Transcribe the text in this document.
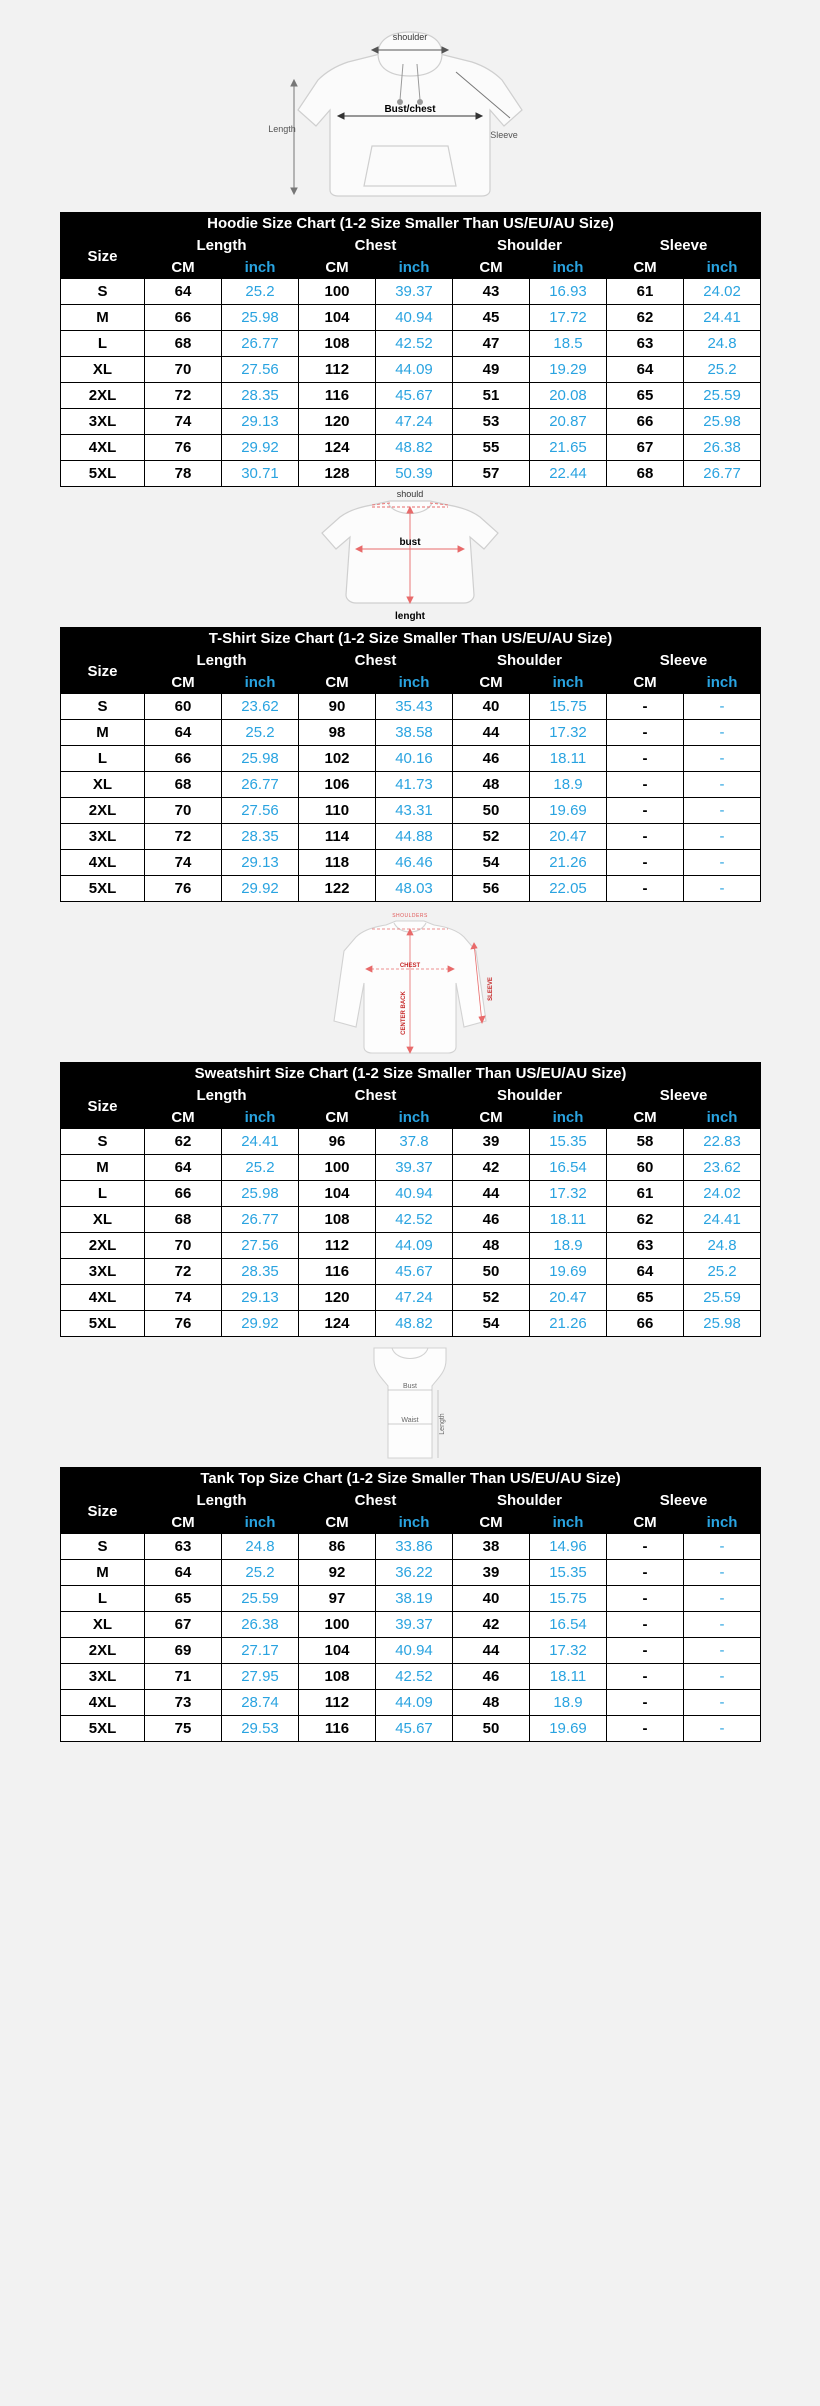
shoulder
Bust/chest
Length
Sleeve
Hoodie Size Chart (1-2 Size Smaller Than US/EU/AU Size)								
Size	Length		Chest		Shoulder		Sleeve	
	CM	inch	CM	inch	CM	inch	CM	inch
S	64	25.2	100	39.37	43	16.93	61	24.02
M	66	25.98	104	40.94	45	17.72	62	24.41
L	68	26.77	108	42.52	47	18.5	63	24.8
XL	70	27.56	112	44.09	49	19.29	64	25.2
2XL	72	28.35	116	45.67	51	20.08	65	25.59
3XL	74	29.13	120	47.24	53	20.87	66	25.98
4XL	76	29.92	124	48.82	55	21.65	67	26.38
5XL	78	30.71	128	50.39	57	22.44	68	26.77
should
bust
lenght
T-Shirt Size Chart (1-2 Size Smaller Than US/EU/AU Size)								
Size	Length		Chest		Shoulder		Sleeve	
	CM	inch	CM	inch	CM	inch	CM	inch
S	60	23.62	90	35.43	40	15.75	-	-
M	64	25.2	98	38.58	44	17.32	-	-
L	66	25.98	102	40.16	46	18.11	-	-
XL	68	26.77	106	41.73	48	18.9	-	-
2XL	70	27.56	110	43.31	50	19.69	-	-
3XL	72	28.35	114	44.88	52	20.47	-	-
4XL	74	29.13	118	46.46	54	21.26	-	-
5XL	76	29.92	122	48.03	56	22.05	-	-
SHOULDERS
CHEST
CENTER BACK
SLEEVE
Sweatshirt Size Chart (1-2 Size Smaller Than US/EU/AU Size)								
Size	Length		Chest		Shoulder		Sleeve	
	CM	inch	CM	inch	CM	inch	CM	inch
S	62	24.41	96	37.8	39	15.35	58	22.83
M	64	25.2	100	39.37	42	16.54	60	23.62
L	66	25.98	104	40.94	44	17.32	61	24.02
XL	68	26.77	108	42.52	46	18.11	62	24.41
2XL	70	27.56	112	44.09	48	18.9	63	24.8
3XL	72	28.35	116	45.67	50	19.69	64	25.2
4XL	74	29.13	120	47.24	52	20.47	65	25.59
5XL	76	29.92	124	48.82	54	21.26	66	25.98
Bust
Waist	Length
Tank Top Size Chart (1-2 Size Smaller Than US/EU/AU Size)								
Size	Length		Chest		Shoulder		Sleeve	
	CM	inch	CM	inch	CM	inch	CM	inch
S	63	24.8	86	33.86	38	14.96	-	-
M	64	25.2	92	36.22	39	15.35	-	-
L	65	25.59	97	38.19	40	15.75	-	-
XL	67	26.38	100	39.37	42	16.54	-	-
2XL	69	27.17	104	40.94	44	17.32	-	-
3XL	71	27.95	108	42.52	46	18.11	-	-
4XL	73	28.74	112	44.09	48	18.9	-	-
5XL	75	29.53	116	45.67	50	19.69	-	-
